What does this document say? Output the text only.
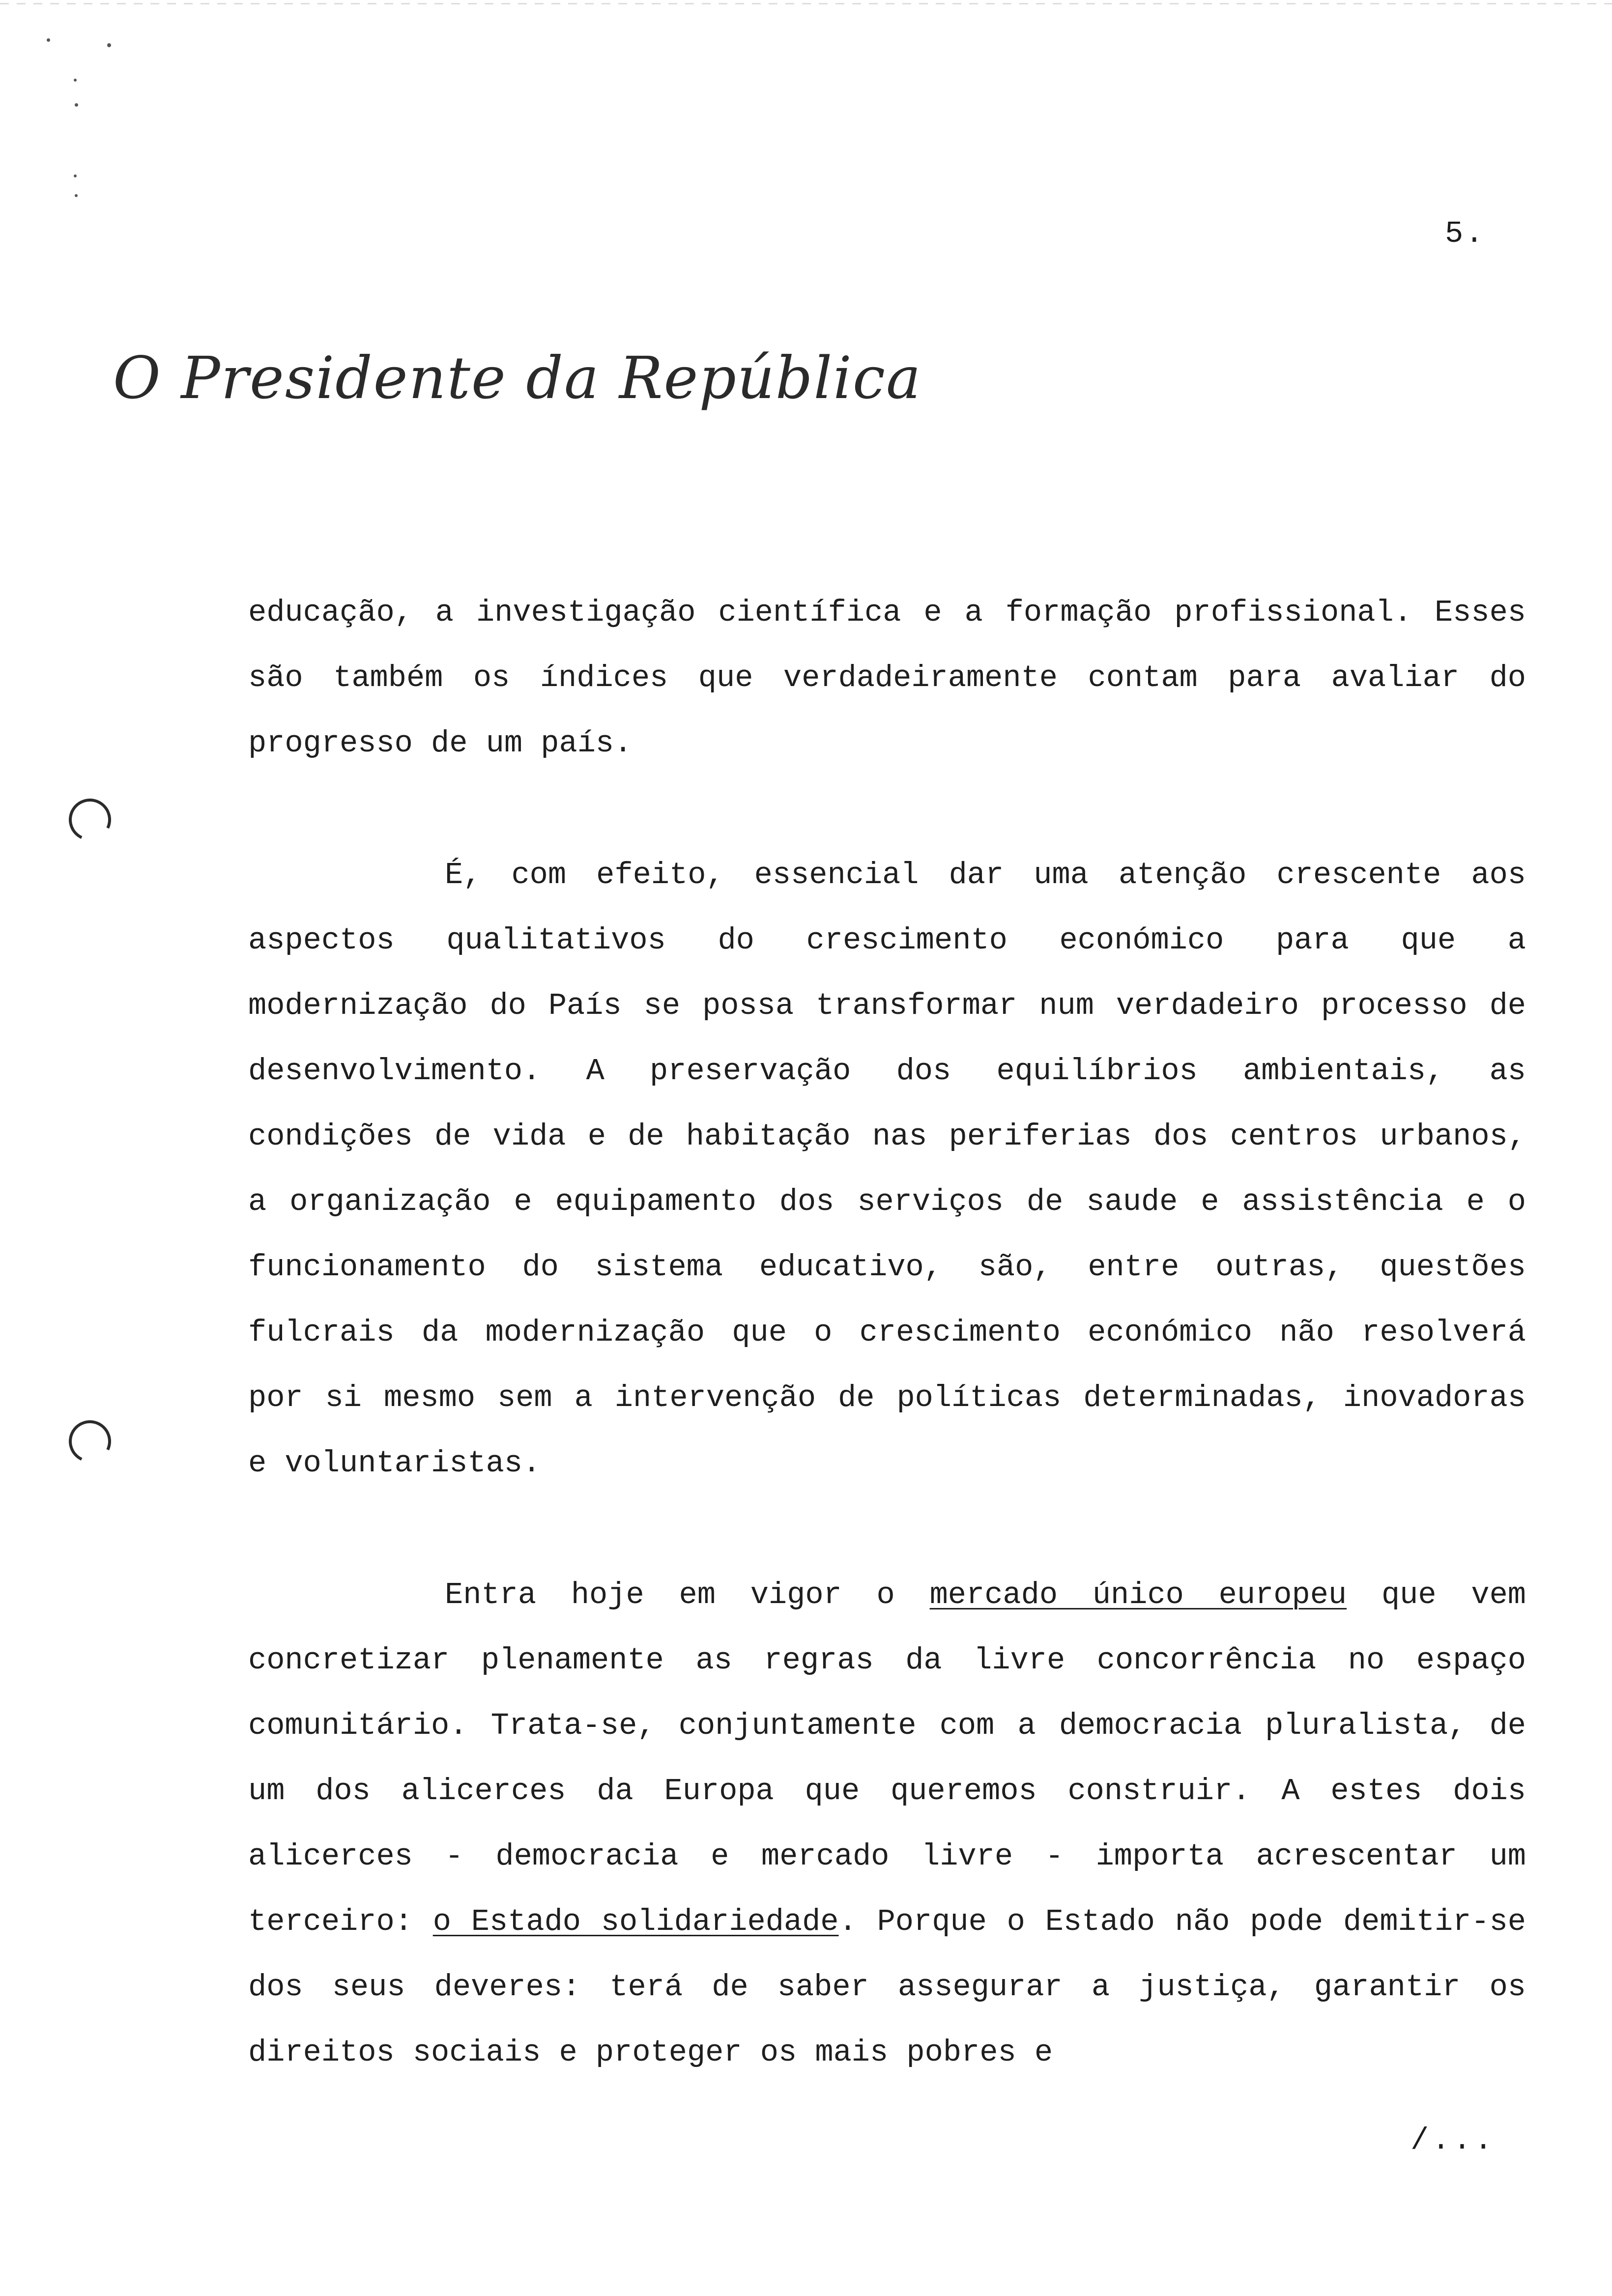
5.
O Presidente da República

educação, a investigação científica e a formação profissional. Esses são também os índices que verdadeiramente contam para avaliar do progresso de um país.

É, com efeito, essencial dar uma atenção crescente aos aspectos qualitativos do crescimento económico para que a modernização do País se possa transformar num verdadeiro processo de desenvolvimento. A preservação dos equilíbrios ambientais, as condições de vida e de habitação nas periferias dos centros urbanos, a organização e equipamento dos serviços de saude e assistência e o funcionamento do sistema educativo, são, entre outras, questões fulcrais da modernização que o crescimento económico não resolverá por si mesmo sem a intervenção de políticas determinadas, inovadoras e voluntaristas.

Entra hoje em vigor o mercado único europeu que vem concretizar plenamente as regras da livre concorrência no espaço comunitário. Trata-se, conjuntamente com a democracia pluralista, de um dos alicerces da Europa que queremos construir. A estes dois alicerces - democracia e mercado livre - importa acrescentar um terceiro: o Estado solidariedade. Porque o Estado não pode demitir-se dos seus deveres: terá de saber assegurar a justiça, garantir os direitos sociais e proteger os mais pobres e

/...
